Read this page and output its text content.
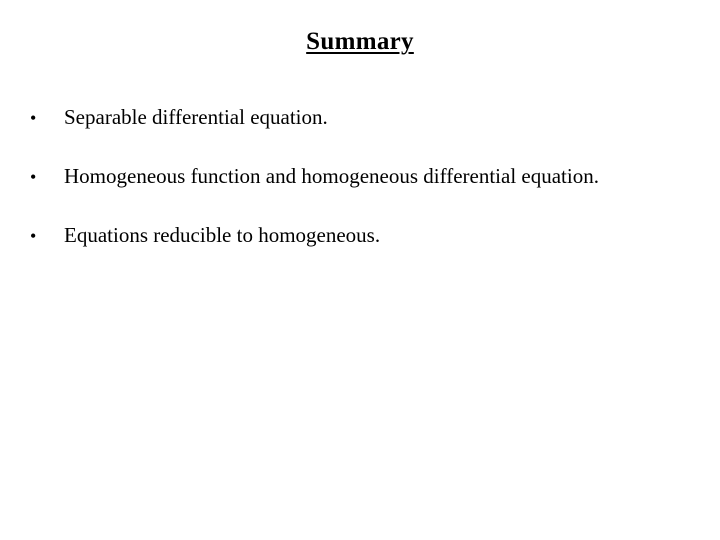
Summary
•	Separable differential equation.
•	Homogeneous function and homogeneous differential equation.
•	Equations reducible to homogeneous.
